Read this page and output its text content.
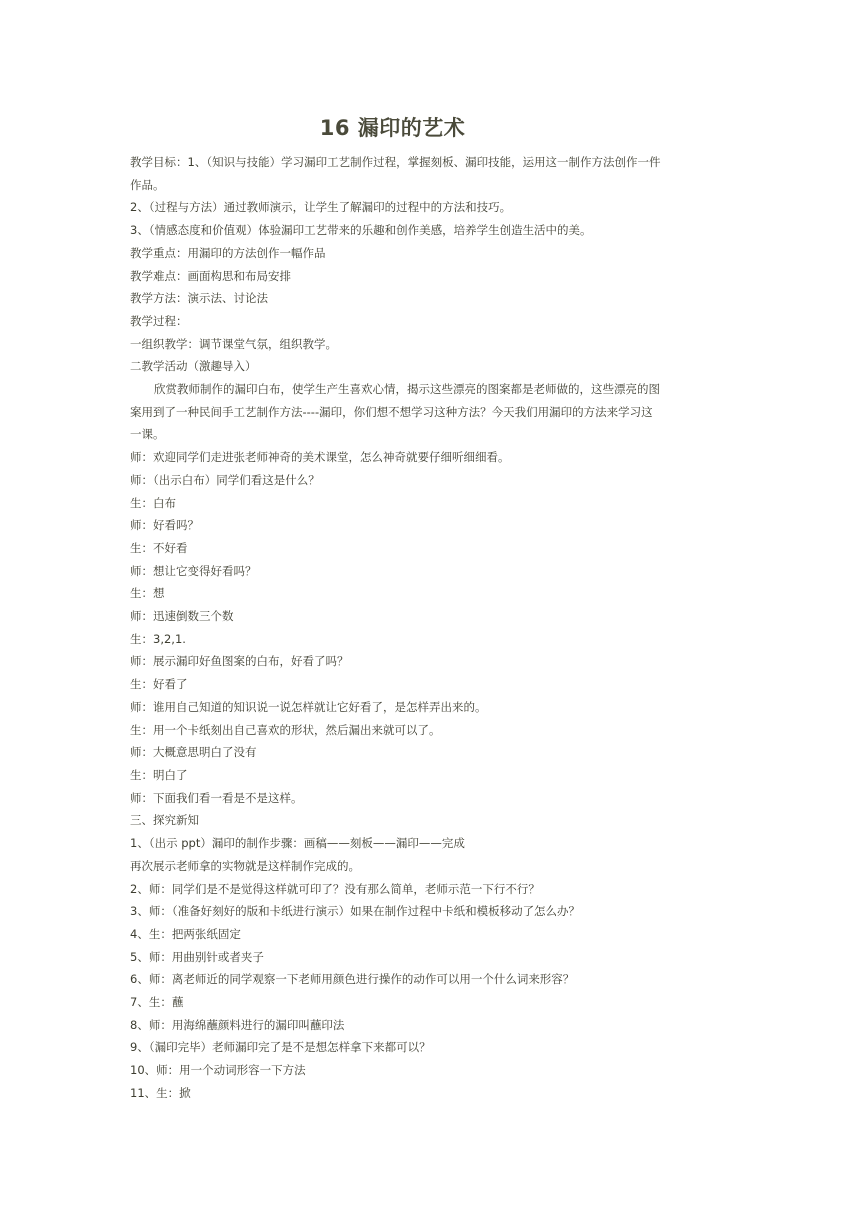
16 漏印的艺术
教学目标：1、（知识与技能）学习漏印工艺制作过程，掌握刻板、漏印技能，运用这一制作方法创作一件
作品。
2、（过程与方法）通过教师演示，让学生了解漏印的过程中的方法和技巧。
3、（情感态度和价值观）体验漏印工艺带来的乐趣和创作美感，培养学生创造生活中的美。
教学重点：用漏印的方法创作一幅作品
教学难点：画面构思和布局安排
教学方法：演示法、讨论法
教学过程：
一组织教学：调节课堂气氛，组织教学。
二教学活动（激趣导入）
欣赏教师制作的漏印白布，使学生产生喜欢心情，揭示这些漂亮的图案都是老师做的，这些漂亮的图
案用到了一种民间手工艺制作方法----漏印，你们想不想学习这种方法？今天我们用漏印的方法来学习这
一课。
师：欢迎同学们走进张老师神奇的美术课堂，怎么神奇就要仔细听细细看。
师：（出示白布）同学们看这是什么？
生：白布
师：好看吗？
生：不好看
师：想让它变得好看吗？
生：想
师：迅速倒数三个数
生：3,2,1.
师：展示漏印好鱼图案的白布，好看了吗？
生：好看了
师：谁用自己知道的知识说一说怎样就让它好看了，是怎样弄出来的。
生：用一个卡纸刻出自己喜欢的形状，然后漏出来就可以了。
师：大概意思明白了没有
生：明白了
师：下面我们看一看是不是这样。
三、探究新知
1、（出示 ppt）漏印的制作步骤：画稿——刻板——漏印——完成
再次展示老师拿的实物就是这样制作完成的。
2、师：同学们是不是觉得这样就可印了？没有那么简单，老师示范一下行不行？
3、师：（准备好刻好的版和卡纸进行演示）如果在制作过程中卡纸和模板移动了怎么办？
4、生：把两张纸固定
5、师：用曲别针或者夹子
6、师：离老师近的同学观察一下老师用颜色进行操作的动作可以用一个什么词来形容？
7、生：蘸
8、师：用海绵蘸颜料进行的漏印叫蘸印法
9、（漏印完毕）老师漏印完了是不是想怎样拿下来都可以？
10、师：用一个动词形容一下方法
11、生：掀
